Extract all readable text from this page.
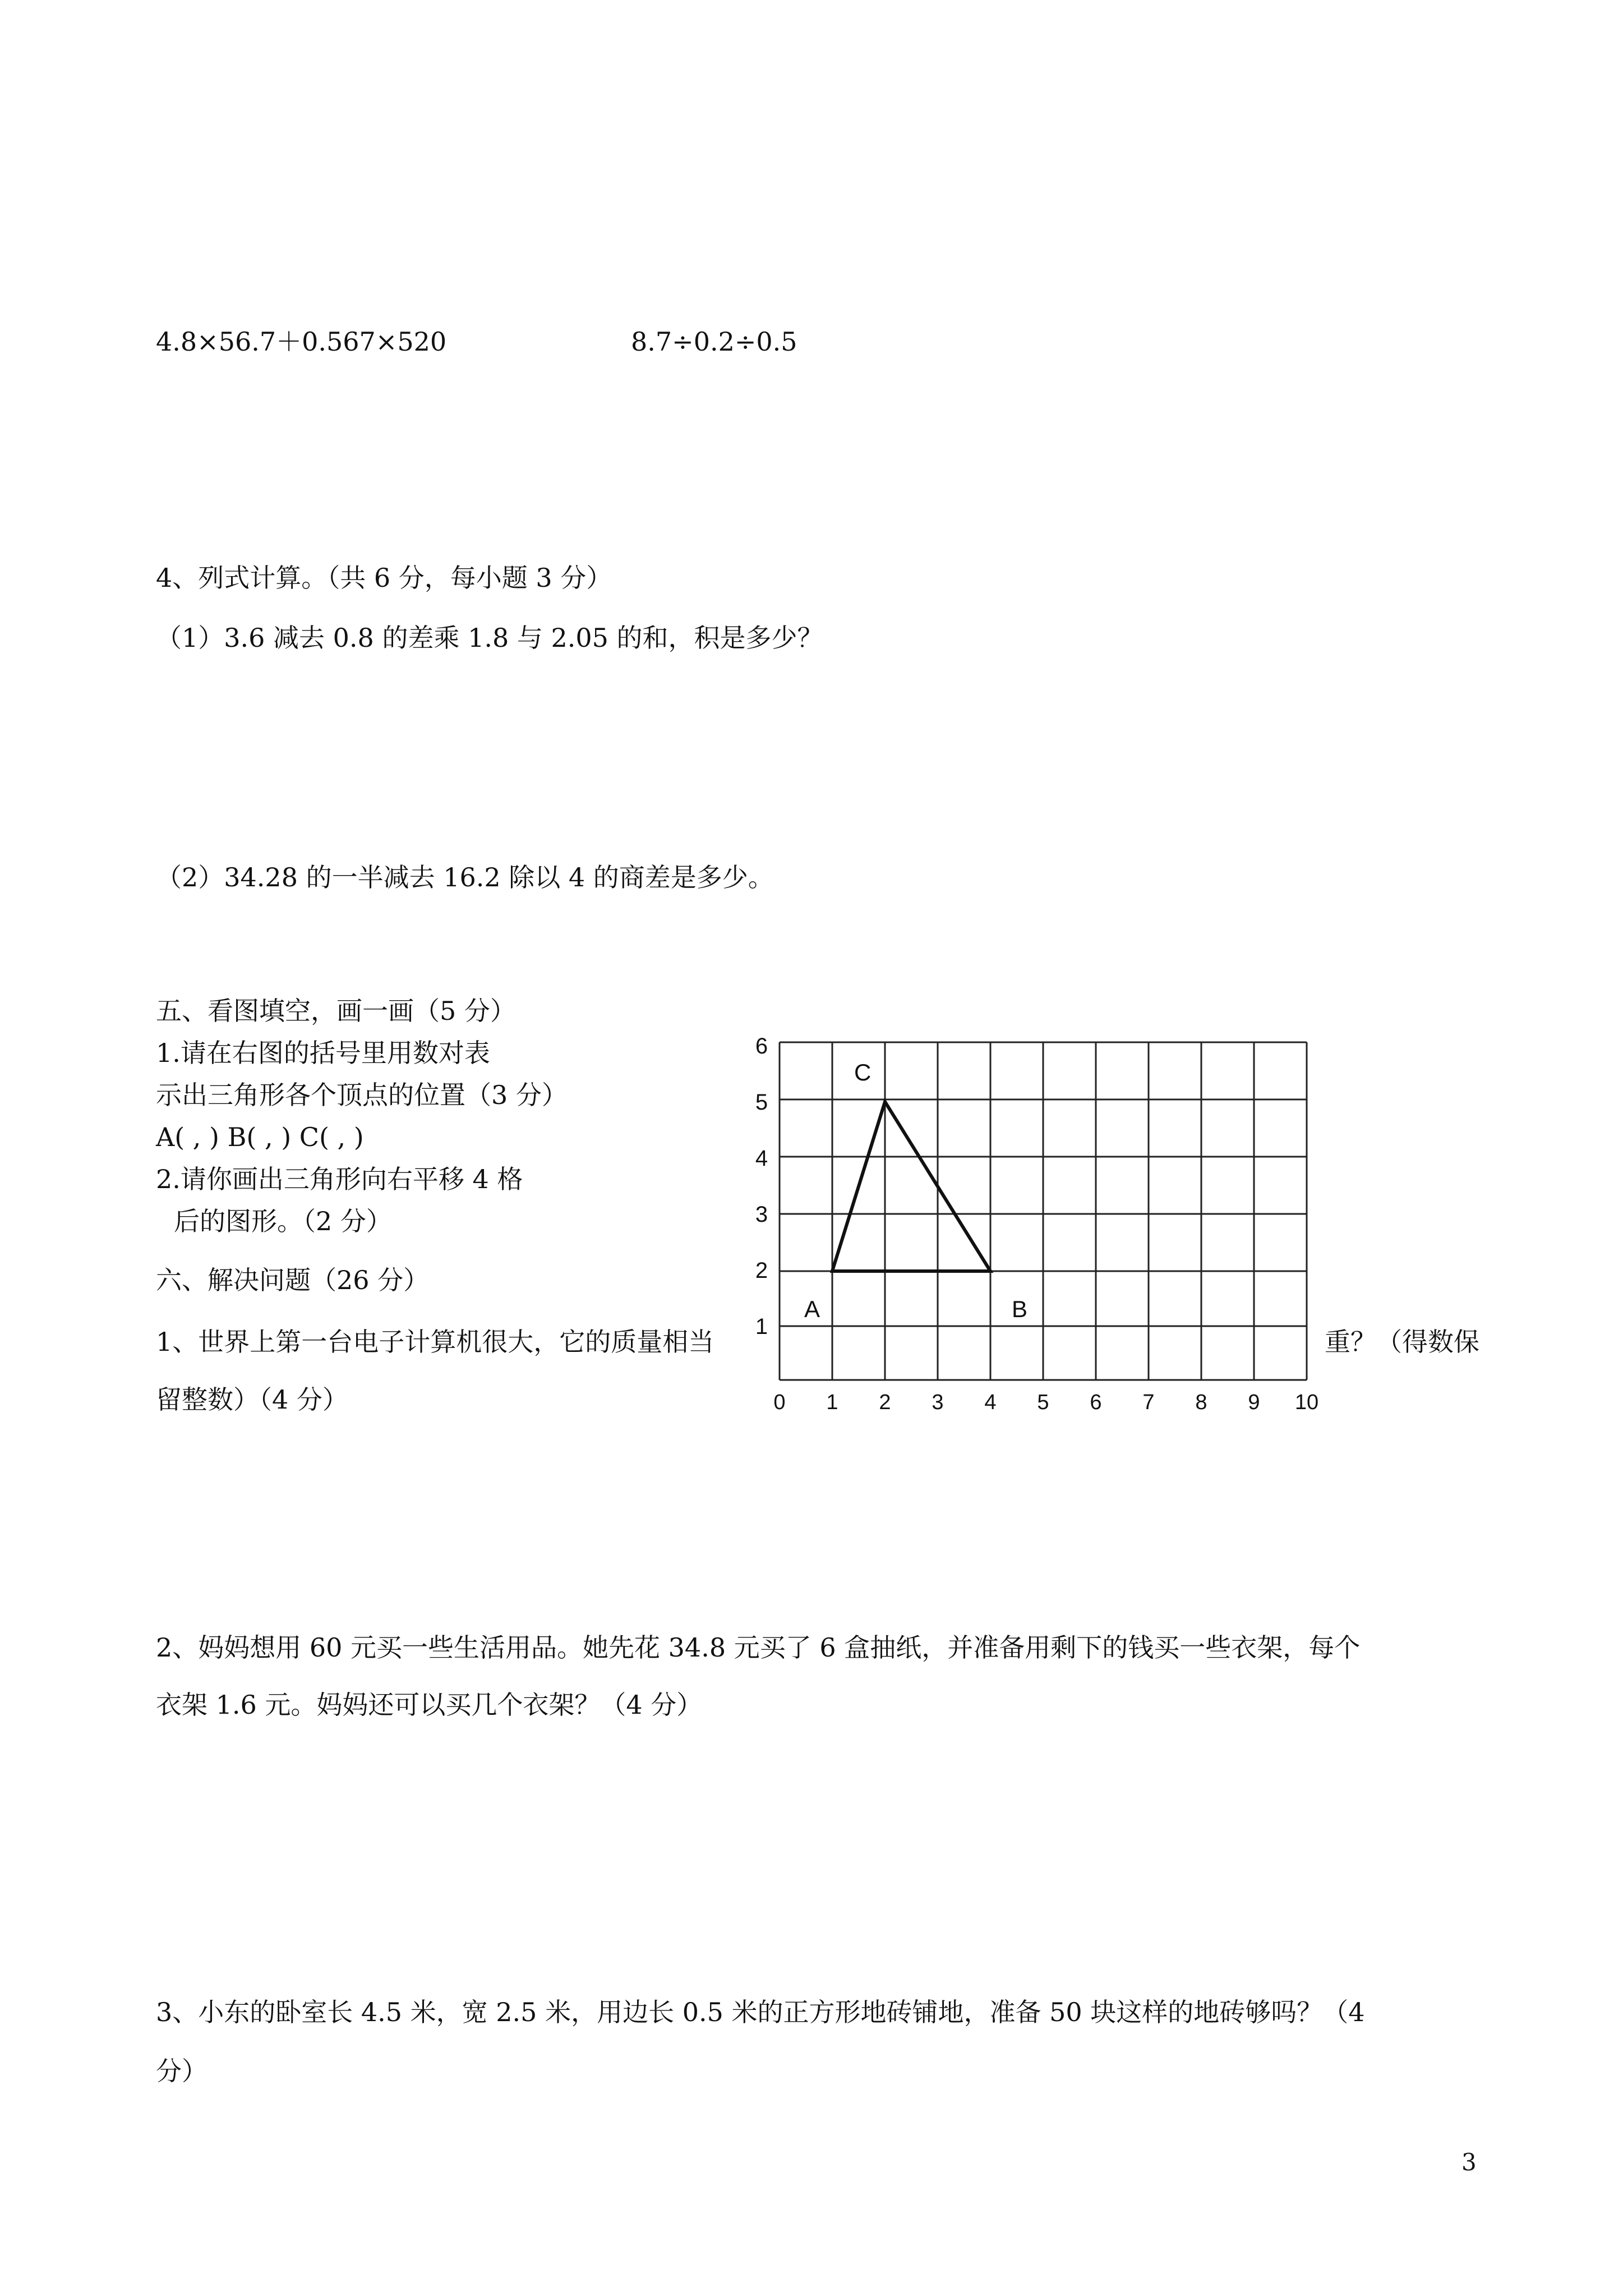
4.8×56.7＋0.567×520	8.7÷0.2÷0.5
4、列式计算。（共 6 分，每小题 3 分）
（1）3.6 减去 0.8 的差乘 1.8 与 2.05 的和，积是多少？
（2）34.28 的一半减去 16.2 除以 4 的商差是多少。
五、看图填空，画一画（5 分）
1.请在右图的括号里用数对表
示出三角形各个顶点的位置（3 分）
A( , ) B( , ) C( , )
2.请你画出三角形向右平移 4 格
后的图形。（2 分）
六、解决问题（26 分）
1、世界上第一台电子计算机很大，它的质量相当	重？（得数保
留整数）（4 分）
2、妈妈想用 60 元买一些生活用品。她先花 34.8 元买了 6 盒抽纸，并准备用剩下的钱买一些衣架，每个
衣架 1.6 元。妈妈还可以买几个衣架？（4 分）
3、小东的卧室长 4.5 米，宽 2.5 米，用边长 0.5 米的正方形地砖铺地，准备 50 块这样的地砖够吗？（4
分）
3
0 1 2 3 4 5 6 7 8 9 10
1
2
3
4
5
6
A	B
C
